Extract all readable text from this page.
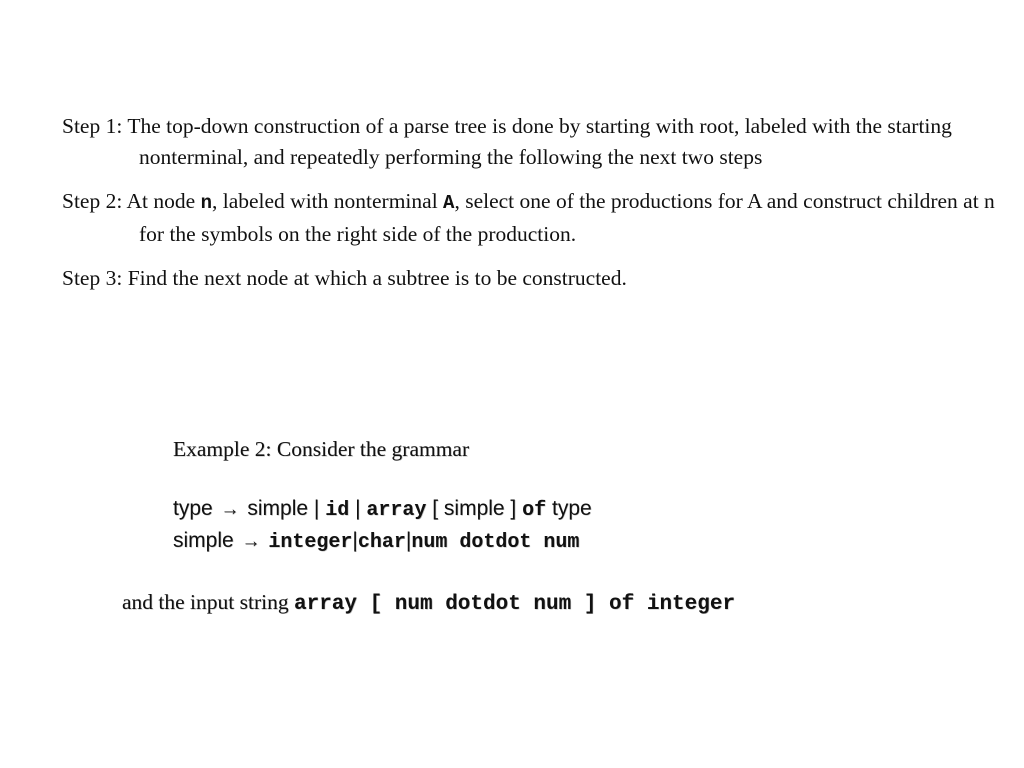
Step 1: The top-down construction of a parse tree is done by starting with root, labeled with the starting nonterminal, and repeatedly performing the following the next two steps

Step 2: At node n, labeled with nonterminal A, select one of the productions for A and construct children at n for the symbols on the right side of the production.

Step 3: Find the next node at which a subtree is to be constructed.

Example 2: Consider the grammar
type → simple | id | array [ simple ] of type
simple → integer|char|num dotdot num
and the input string array [ num dotdot num ] of integer
